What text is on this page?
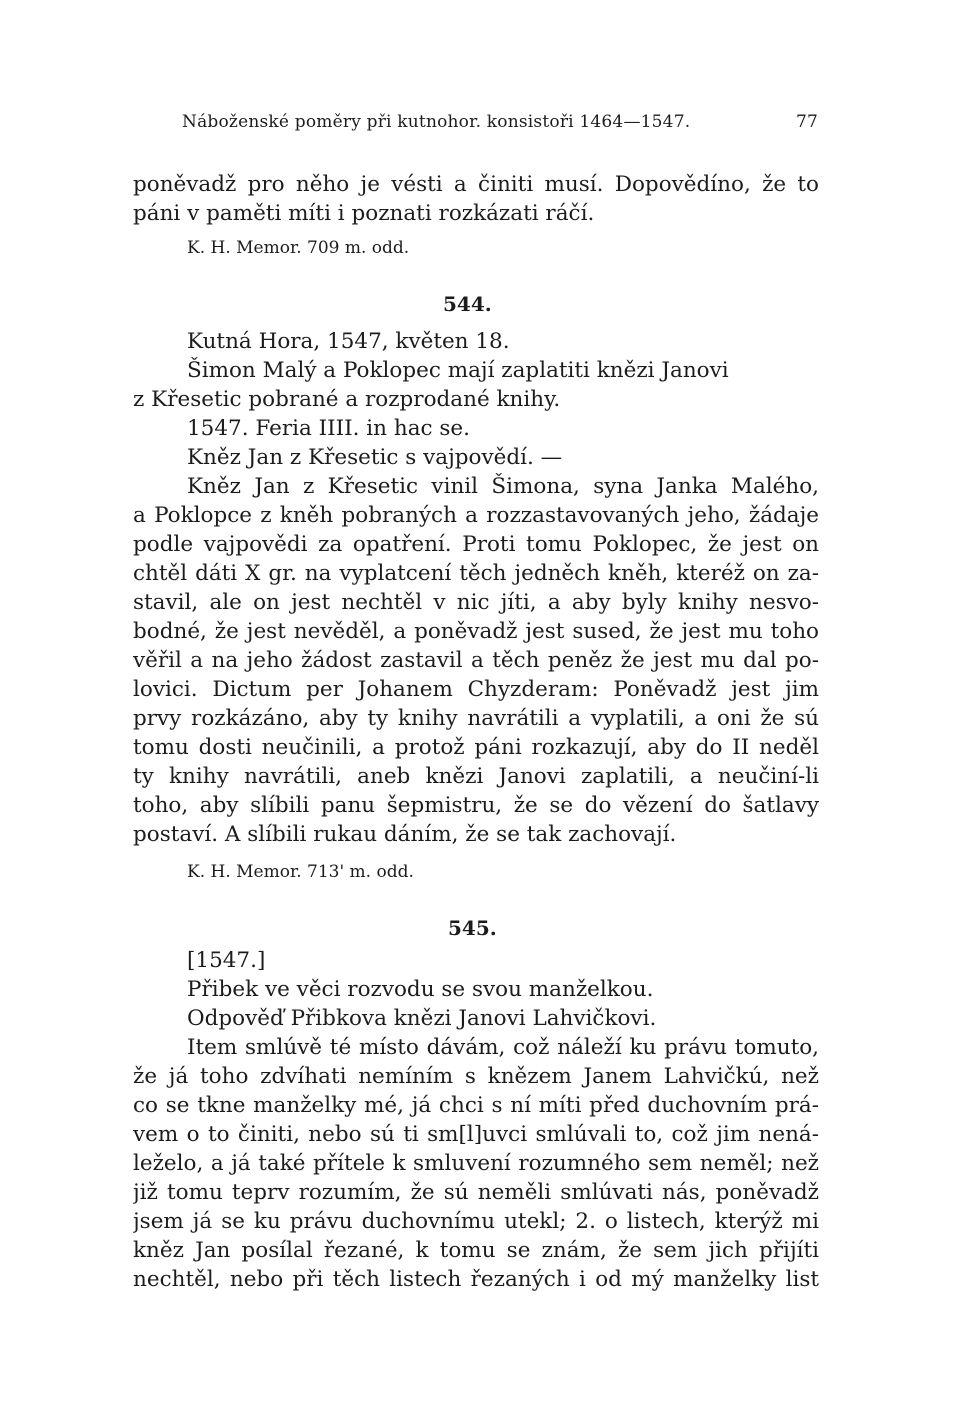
Náboženské poměry při kutnohor. konsistoři 1464—1547.	77
poněvadž pro něho je vésti a činiti musí. Dopovědíno, že to
páni v paměti míti i poznati rozkázati ráčí.
K. H. Memor. 709 m. odd.
544.
Kutná Hora, 1547, květen 18.
Šimon Malý a Poklopec mají zaplatiti knězi Janovi
z Křesetic pobrané a rozprodané knihy.
1547. Feria IIII. in hac se.
Kněz Jan z Křesetic s vajpovědí. —
Kněz Jan z Křesetic vinil Šimona, syna Janka Malého,
a Poklopce z kněh pobraných a rozzastavovaných jeho, žádaje
podle vajpovědi za opatření. Proti tomu Poklopec, že jest on
chtěl dáti X gr. na vyplatcení těch jedněch kněh, kteréž on za-
stavil, ale on jest nechtěl v nic jíti, a aby byly knihy nesvo-
bodné, že jest nevěděl, a poněvadž jest sused, že jest mu toho
věřil a na jeho žádost zastavil a těch peněz že jest mu dal po-
lovici. Dictum per Johanem Chyzderam: Poněvadž jest jim
prvy rozkázáno, aby ty knihy navrátili a vyplatili, a oni že sú
tomu dosti neučinili, a protož páni rozkazují, aby do II neděl
ty knihy navrátili, aneb knězi Janovi zaplatili, a neučiní-li
toho, aby slíbili panu šepmistru, že se do vězení do šatlavy
postaví. A slíbili rukau dáním, že se tak zachovají.
K. H. Memor. 713' m. odd.
545.
[1547.]
Přibek ve věci rozvodu se svou manželkou.
Odpověď Přibkova knězi Janovi Lahvičkovi.
Item smlúvě té místo dávám, což náleží ku právu tomuto,
že já toho zdvíhati nemíním s knězem Janem Lahvičkú, než
co se tkne manželky mé, já chci s ní míti před duchovním prá-
vem o to činiti, nebo sú ti sm[l]uvci smlúvali to, což jim nená-
leželo, a já také přítele k smluvení rozumného sem neměl; než
již tomu teprv rozumím, že sú neměli smlúvati nás, poněvadž
jsem já se ku právu duchovnímu utekl; 2. o listech, kterýž mi
kněz Jan posílal řezané, k tomu se znám, že sem jich přijíti
nechtěl, nebo při těch listech řezaných i od mý manželky list
